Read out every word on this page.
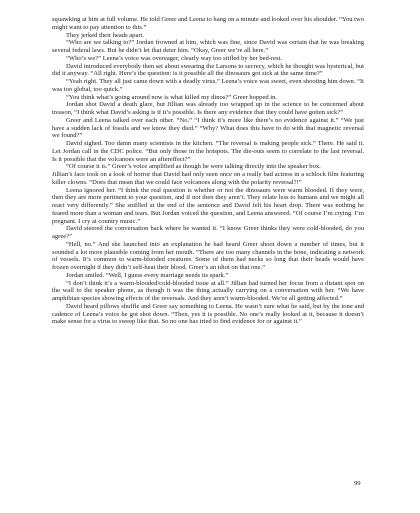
squawking at him at full volume. He told Greer and Leena to hang on a minute and looked over his shoulder. “You two might want to pay attention to this.”

They jerked their heads apart.

“Who are we talking to?” Jordan frowned at him, which was fine, since David was certain that he was breaking several federal laws. But he didn’t let that deter him. “Okay, Greer we’re all here.”

“Who’s we?” Leena’s voice was overeager, clearly way too stifled by her bed-rest.

David introduced everybody then set about swearing the Larsons to secrecy, which he thought was hysterical, but did it anyway. “All right. Here’s the question: is it possible all the dinosaurs got sick at the same time?”

“Yeah right. They all just came down with a deadly virus.” Leena’s voice was sweet, even shooting him down. “It was too global, too quick.”

“You think what’s going around now is what killed my dinos?” Greer hopped in.

Jordan shot David a death glare, but Jillian was already too wrapped up in the science to be concerned about treason, “I think what David’s asking is if it’s possible. Is there any evidence that they could have gotten sick?”

Greer and Leena talked over each other. “No.” “I think it’s more like there’s no evidence against it.” “We just have a sudden lack of fossils and we know they died.” “Why? What does this have to do with that magnetic reversal we found?”

David sighed. Too damn many scientists in the kitchen. “The reversal is making people sick.” There. He said it. Let Jordan call in the CDC police. “But only those in the hotspots. The die-outs seem to correlate to the last reversal. Is it possible that the volcanoes were an aftereffect?”

“Of course it is.” Greer’s voice amplified as though he were talking directly into the speaker box.

Jillian’s face took on a look of horror that David had only seen once on a really bad actress in a schlock film featuring killer clowns. “Does that mean that we could face volcanoes along with the polarity reversal?!”

Leena ignored her. “I think the real question is whether or not the dinosaurs were warm blooded. If they were, then they are more pertinent to your question, and if not then they aren’t. They relate less to humans and we might all react very differently.” She sniffled at the end of the sentence and David felt his heart drop. There was nothing he feared more than a woman and tears. But Jordan voiced the question, and Leena answered. “Of course I’m crying. I’m pregnant. I cry at country music.”

David steered the conversation back where he wanted it. “I know Greer thinks they were cold-blooded, do you agree?”

“Hell, no.” And she launched into an explanation he had heard Greer shoot down a number of times, but it sounded a lot more plausible coming from her mouth. “There are too many channels in the bone, indicating a network of vessels. It’s common to warm-blooded creatures. Some of them had necks so long that their heads would have frozen overnight if they didn’t self-heat their blood. Greer’s an idiot on that one.”

Jordan smiled. “Well, I guess every marriage needs its spark.”

“I don’t think it’s a warm-blooded/cold-blooded issue at all.” Jillian had turned her focus from a distant spot on the wall to the speaker phone, as though it was the thing actually carrying on a conversation with her. “We have amphibian species showing effects of the reversals. And they aren’t warm-blooded. We’re all getting affected.”

David heard pillows shuffle and Greer say something to Leena. He wasn’t sure what he said, but by the tone and cadence of Leena’s voice he got shot down. “Then, yes it is possible. No one’s really looked at it, because it doesn’t make sense for a virus to sweep like that. So no one has tried to find evidence for or against it.”

99
